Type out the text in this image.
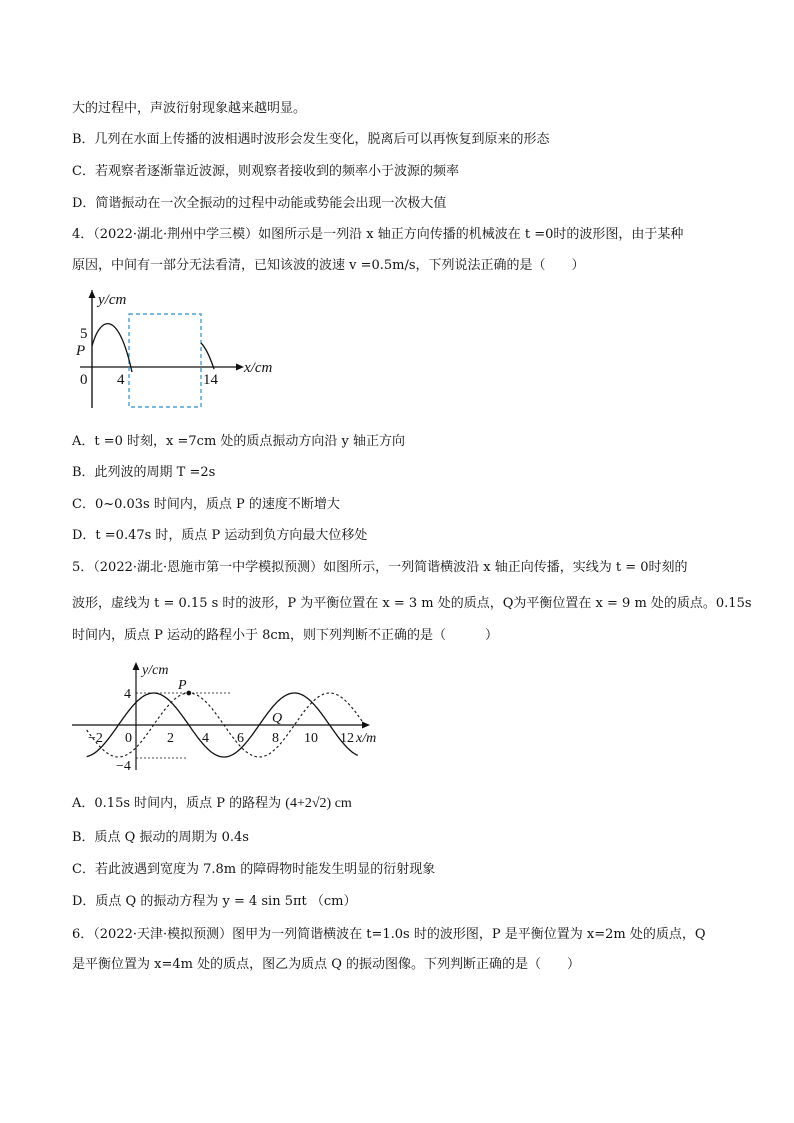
大的过程中，声波衍射现象越来越明显。
B．几列在水面上传播的波相遇时波形会发生变化，脱离后可以再恢复到原来的形态
C．若观察者逐渐靠近波源，则观察者接收到的频率小于波源的频率
D．简谐振动在一次全振动的过程中动能或势能会出现一次极大值
4．（2022·湖北·荆州中学三模）如图所示是一列沿 x 轴正方向传播的机械波在 t =0时的波形图，由于某种
原因，中间有一部分无法看清，已知该波的波速 v =0.5m/s，下列说法正确的是（　　）
y/cm
x/cm
5
P
0 4	14
A．t =0 时刻，x =7cm 处的质点振动方向沿 y 轴正方向
B．此列波的周期 T =2s
C．0~0.03s 时间内，质点 P 的速度不断增大
D．t =0.47s 时，质点 P 运动到负方向最大位移处
5．（2022·湖北·恩施市第一中学模拟预测）如图所示，一列简谐横波沿 x 轴正向传播，实线为 t = 0时刻的
波形，虚线为 t = 0.15 s 时的波形，P 为平衡位置在 x = 3 m 处的质点，Q为平衡位置在 x = 9 m 处的质点。0.15s
时间内，质点 P 运动的路程小于 8cm，则下列判断不正确的是（　　　）
P
Q
y/cm
x/m
4
−4
−2 0	2 4 6 8 10 12
A．0.15s 时间内，质点 P 的路程为 (4+2√2) cm
B．质点 Q 振动的周期为 0.4s
C．若此波遇到宽度为 7.8m 的障碍物时能发生明显的衍射现象
D．质点 Q 的振动方程为 y = 4 sin 5πt （cm）
6．（2022·天津·模拟预测）图甲为一列简谐横波在 t=1.0s 时的波形图，P 是平衡位置为 x=2m 处的质点，Q
是平衡位置为 x=4m 处的质点，图乙为质点 Q 的振动图像。下列判断正确的是（　　）
